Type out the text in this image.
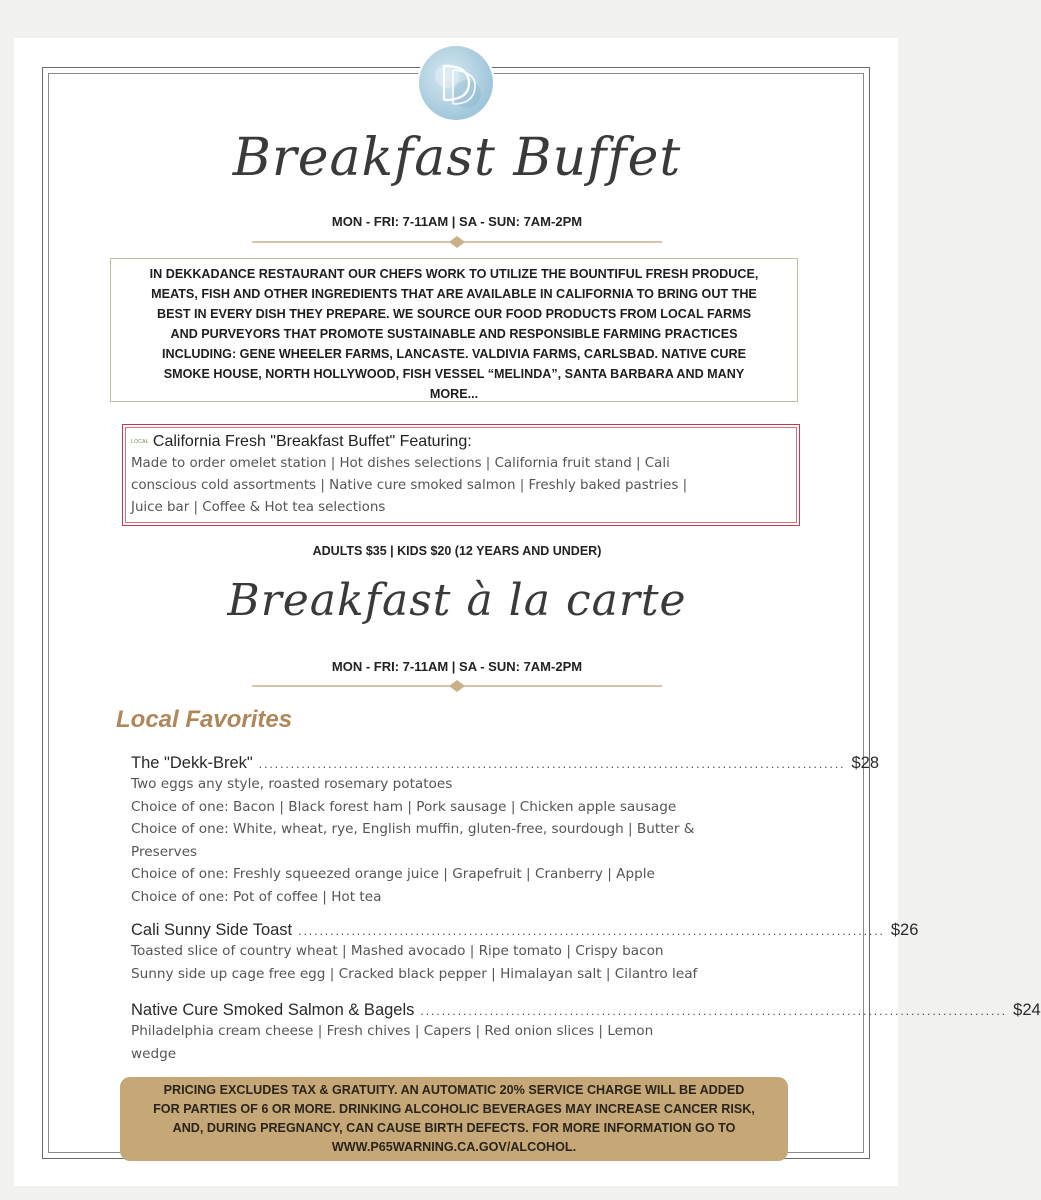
Breakfast Buffet
MON - FRI: 7-11AM | SA - SUN: 7AM-2PM
IN DEKKADANCE RESTAURANT OUR CHEFS WORK TO UTILIZE THE BOUNTIFUL FRESH PRODUCE,
MEATS, FISH AND OTHER INGREDIENTS THAT ARE AVAILABLE IN CALIFORNIA TO BRING OUT THE
BEST IN EVERY DISH THEY PREPARE. WE SOURCE OUR FOOD PRODUCTS FROM LOCAL FARMS
AND PURVEYORS THAT PROMOTE SUSTAINABLE AND RESPONSIBLE FARMING PRACTICES
INCLUDING: GENE WHEELER FARMS, LANCASTE. VALDIVIA FARMS, CARLSBAD. NATIVE CURE
SMOKE HOUSE, NORTH HOLLYWOOD, FISH VESSEL “MELINDA”, SANTA BARBARA AND MANY
MORE...
LOCAL California Fresh "Breakfast Buffet" Featuring:
Made to order omelet station | Hot dishes selections | California fruit stand | Cali
conscious cold assortments | Native cure smoked salmon | Freshly baked pastries |
Juice bar | Coffee & Hot tea selections
ADULTS $35 | KIDS $20 (12 YEARS AND UNDER)
Breakfast à la carte
MON - FRI: 7-11AM | SA - SUN: 7AM-2PM
Local Favorites
The "Dekk-Brek" .............................................................................................................. $28
Two eggs any style, roasted rosemary potatoes
Choice of one: Bacon | Black forest ham | Pork sausage | Chicken apple sausage
Choice of one: White, wheat, rye, English muffin, gluten-free, sourdough | Butter &
Preserves
Choice of one: Freshly squeezed orange juice | Grapefruit | Cranberry | Apple
Choice of one: Pot of coffee | Hot tea
Cali Sunny Side Toast .............................................................................................................. $26
Toasted slice of country wheat | Mashed avocado | Ripe tomato | Crispy bacon
Sunny side up cage free egg | Cracked black pepper | Himalayan salt | Cilantro leaf
Native Cure Smoked Salmon & Bagels .............................................................................................................. $24
Philadelphia cream cheese | Fresh chives | Capers | Red onion slices | Lemon
wedge
PRICING EXCLUDES TAX & GRATUITY. AN AUTOMATIC 20% SERVICE CHARGE WILL BE ADDED
FOR PARTIES OF 6 OR MORE. DRINKING ALCOHOLIC BEVERAGES MAY INCREASE CANCER RISK,
AND, DURING PREGNANCY, CAN CAUSE BIRTH DEFECTS. FOR MORE INFORMATION GO TO
WWW.P65WARNING.CA.GOV/ALCOHOL.
